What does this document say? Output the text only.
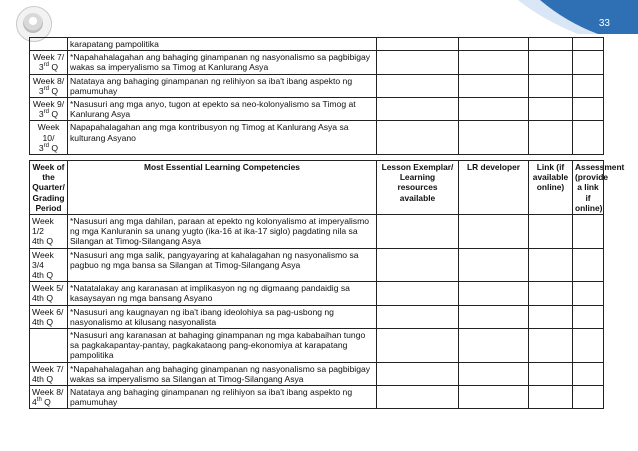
33
	karapatang pampolitika				
Week 7/
3rd Q	*Napahahalagahan ang bahaging ginampanan ng nasyonalismo sa pagbibigay wakas sa imperyalismo sa Timog at Kanlurang Asya				
Week 8/
3rd Q	Natataya ang bahaging ginampanan ng relihiyon sa iba't ibang aspekto ng pamumuhay				
Week 9/
3rd Q	*Nasusuri ang mga anyo, tugon at epekto sa neo-kolonyalismo sa Timog at Kanlurang Asya				
Week
10/
3rd Q	Napapahalagahan ang mga kontribusyon ng Timog at Kanlurang Asya sa kulturang Asyano				
Week of the Quarter/ Grading Period	Most Essential Learning Competencies	Lesson Exemplar/ Learning resources available	LR developer	Link (if available online)	Assessment (provide a link if online)
Week
1/2
4th Q	*Nasusuri ang mga dahilan, paraan at epekto ng kolonyalismo at imperyalismo ng mga Kanluranin sa unang yugto (ika-16 at ika-17 siglo) pagdating nila sa Silangan at Timog-Silangang Asya				
Week
3/4
4th Q	*Nasusuri ang mga salik, pangyayaring at kahalagahan ng nasyonalismo sa pagbuo ng mga bansa sa Silangan at Timog-Silangang Asya				
Week 5/
4th Q	*Natatalakay ang karanasan at implikasyon ng ng digmaang pandaidig sa kasaysayan ng mga bansang Asyano				
Week 6/
4th Q	*Nasusuri ang kaugnayan ng iba't ibang ideolohiya sa pag-usbong ng nasyonalismo at kilusang nasyonalista				
	*Nasusuri ang karanasan at bahaging ginampanan ng mga kababaihan tungo sa pagkakapantay-pantay, pagkakataong pang-ekonomiya at karapatang pampolitika				
Week 7/
4th Q	*Napahahalagahan ang bahaging ginampanan ng nasyonalismo sa pagbibigay wakas sa imperyalismo sa Silangan at Timog-Silangang Asya				
Week 8/
4th Q	Natataya ang bahaging ginampanan ng relihiyon sa iba't ibang aspekto ng pamumuhay				
